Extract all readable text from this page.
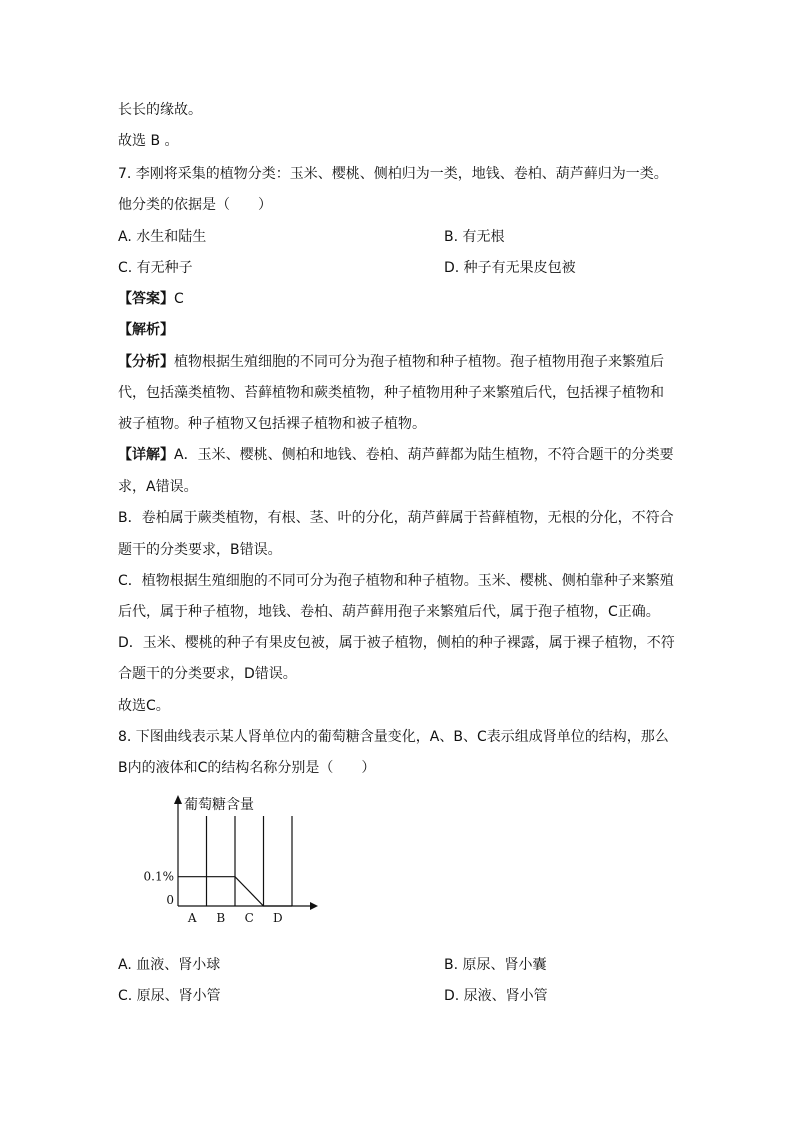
长长的缘故。
故选 B 。
7. 李刚将采集的植物分类：玉米、樱桃、侧柏归为一类，地钱、卷柏、葫芦藓归为一类。
他分类的依据是（　　）
A. 水生和陆生	B. 有无根
C. 有无种子	D. 种子有无果皮包被
【答案】C
【解析】
【分析】植物根据生殖细胞的不同可分为孢子植物和种子植物。孢子植物用孢子来繁殖后
代，包括藻类植物、苔藓植物和蕨类植物，种子植物用种子来繁殖后代，包括裸子植物和
被子植物。种子植物又包括裸子植物和被子植物。
【详解】A．玉米、樱桃、侧柏和地钱、卷柏、葫芦藓都为陆生植物，不符合题干的分类要
求，A错误。
B．卷柏属于蕨类植物，有根、茎、叶的分化，葫芦藓属于苔藓植物，无根的分化，不符合
题干的分类要求，B错误。
C．植物根据生殖细胞的不同可分为孢子植物和种子植物。玉米、樱桃、侧柏靠种子来繁殖
后代，属于种子植物，地钱、卷柏、葫芦藓用孢子来繁殖后代，属于孢子植物，C正确。
D．玉米、樱桃的种子有果皮包被，属于被子植物，侧柏的种子裸露，属于裸子植物，不符
合题干的分类要求，D错误。
故选C。
8. 下图曲线表示某人肾单位内的葡萄糖含量变化，A、B、C表示组成肾单位的结构，那么
B内的液体和C的结构名称分别是（　　）
葡萄糖含量
0.1%
0
A B C D
A. 血液、肾小球	B. 原尿、肾小囊
C. 原尿、肾小管	D. 尿液、肾小管
